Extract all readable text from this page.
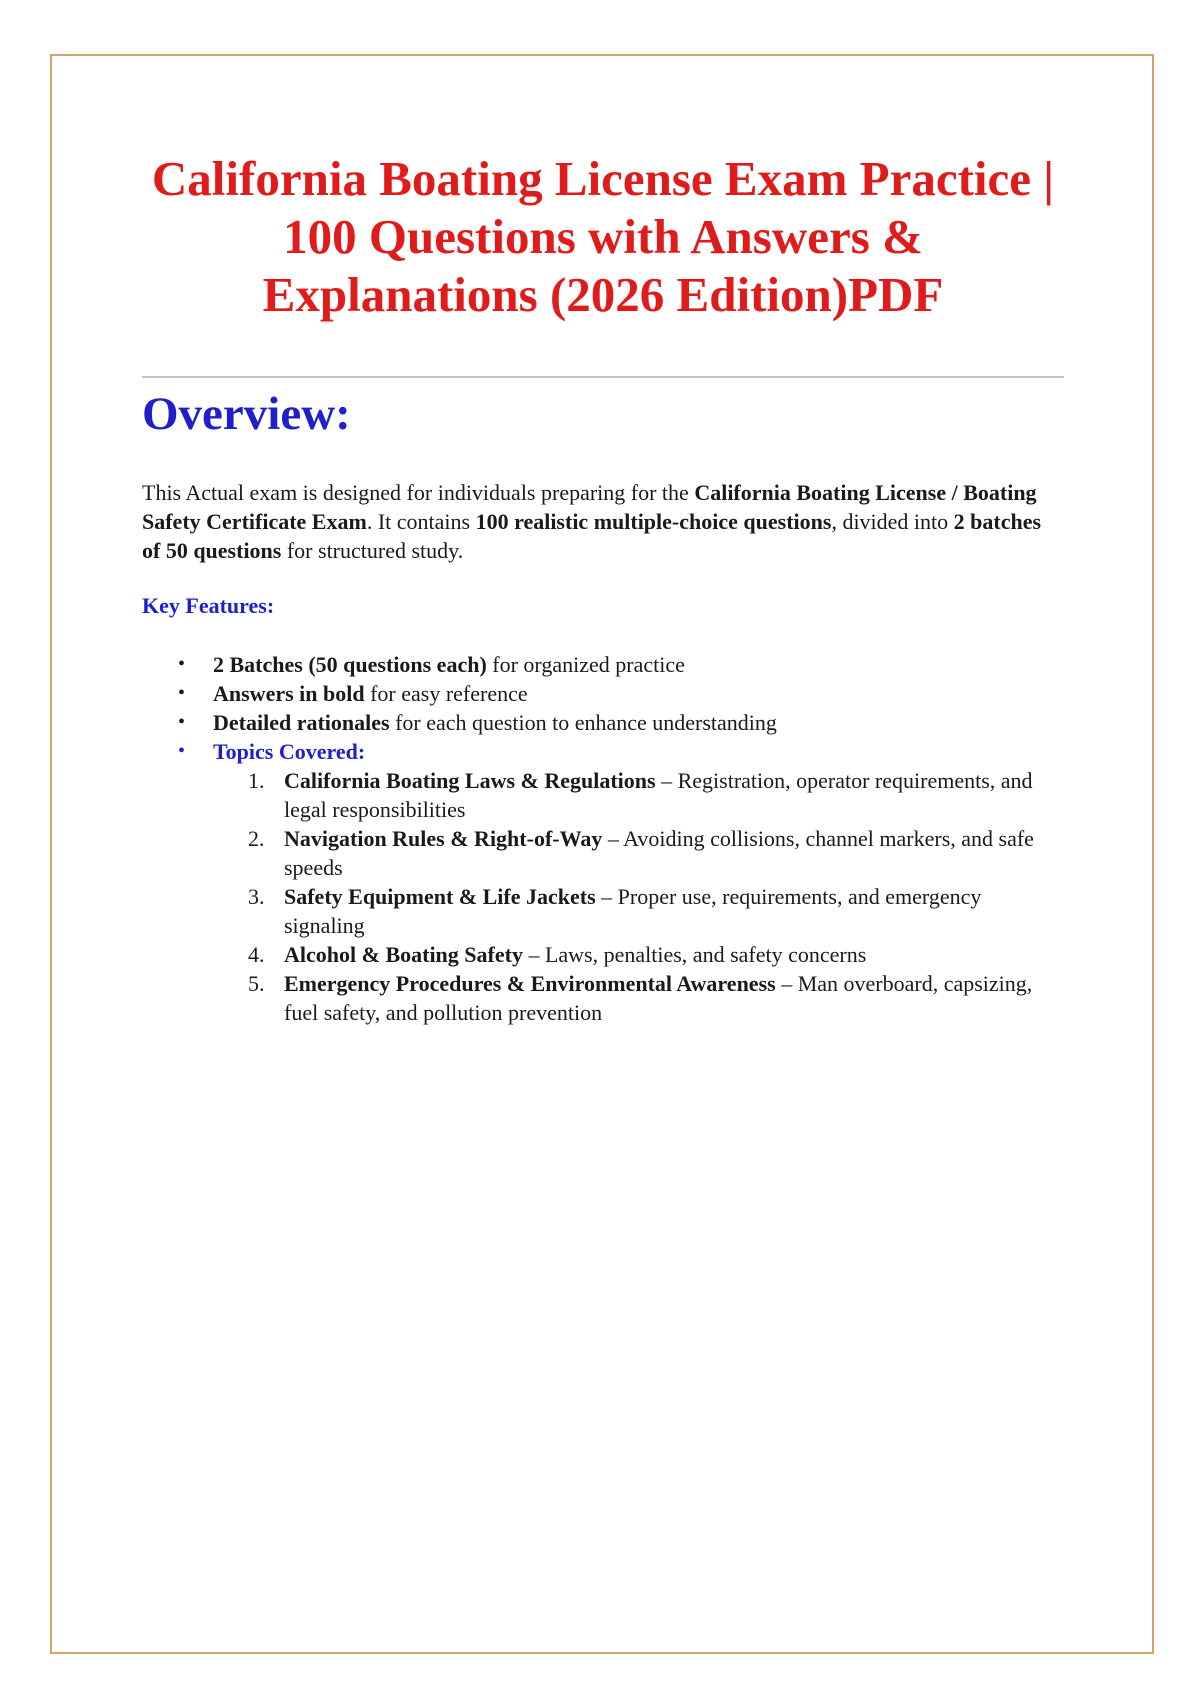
California Boating License Exam Practice | 100 Questions with Answers & Explanations (2026 Edition)PDF
Overview:

This Actual exam is designed for individuals preparing for the California Boating License / Boating Safety Certificate Exam. It contains 100 realistic multiple-choice questions, divided into 2 batches of 50 questions for structured study.

Key Features:
• 2 Batches (50 questions each) for organized practice
• Answers in bold for easy reference
• Detailed rationales for each question to enhance understanding
• Topics Covered:
1. California Boating Laws & Regulations – Registration, operator requirements, and legal responsibilities
2. Navigation Rules & Right-of-Way – Avoiding collisions, channel markers, and safe speeds
3. Safety Equipment & Life Jackets – Proper use, requirements, and emergency signaling
4. Alcohol & Boating Safety – Laws, penalties, and safety concerns
5. Emergency Procedures & Environmental Awareness – Man overboard, capsizing, fuel safety, and pollution prevention
